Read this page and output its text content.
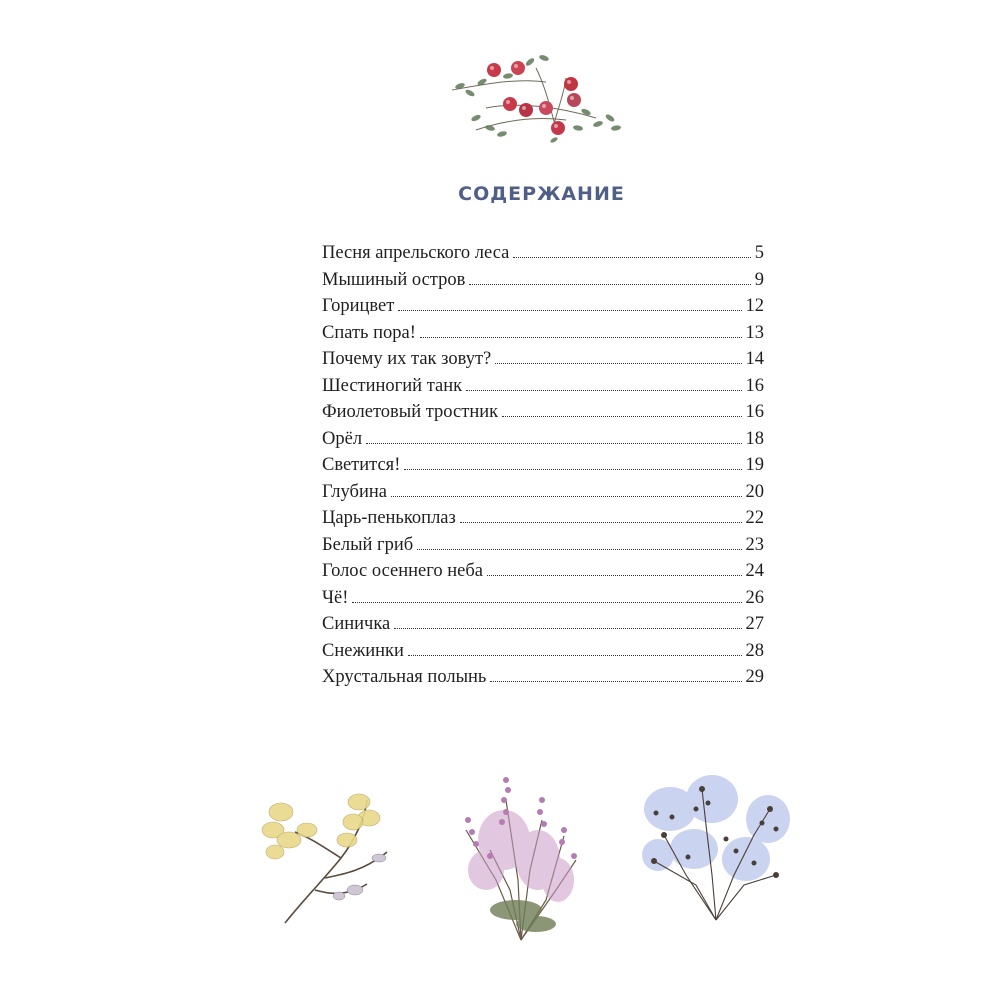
СОДЕРЖАНИЕ
Песня апрельского леса	5
Мышиный остров	9
Горицвет	12
Спать пора!	13
Почему их так зовут?	14
Шестиногий танк	16
Фиолетовый тростник	16
Орёл	18
Светится!	19
Глубина	20
Царь-пенькоплаз	22
Белый гриб	23
Голос осеннего неба	24
Чё!	26
Синичка	27
Снежинки	28
Хрустальная полынь	29
